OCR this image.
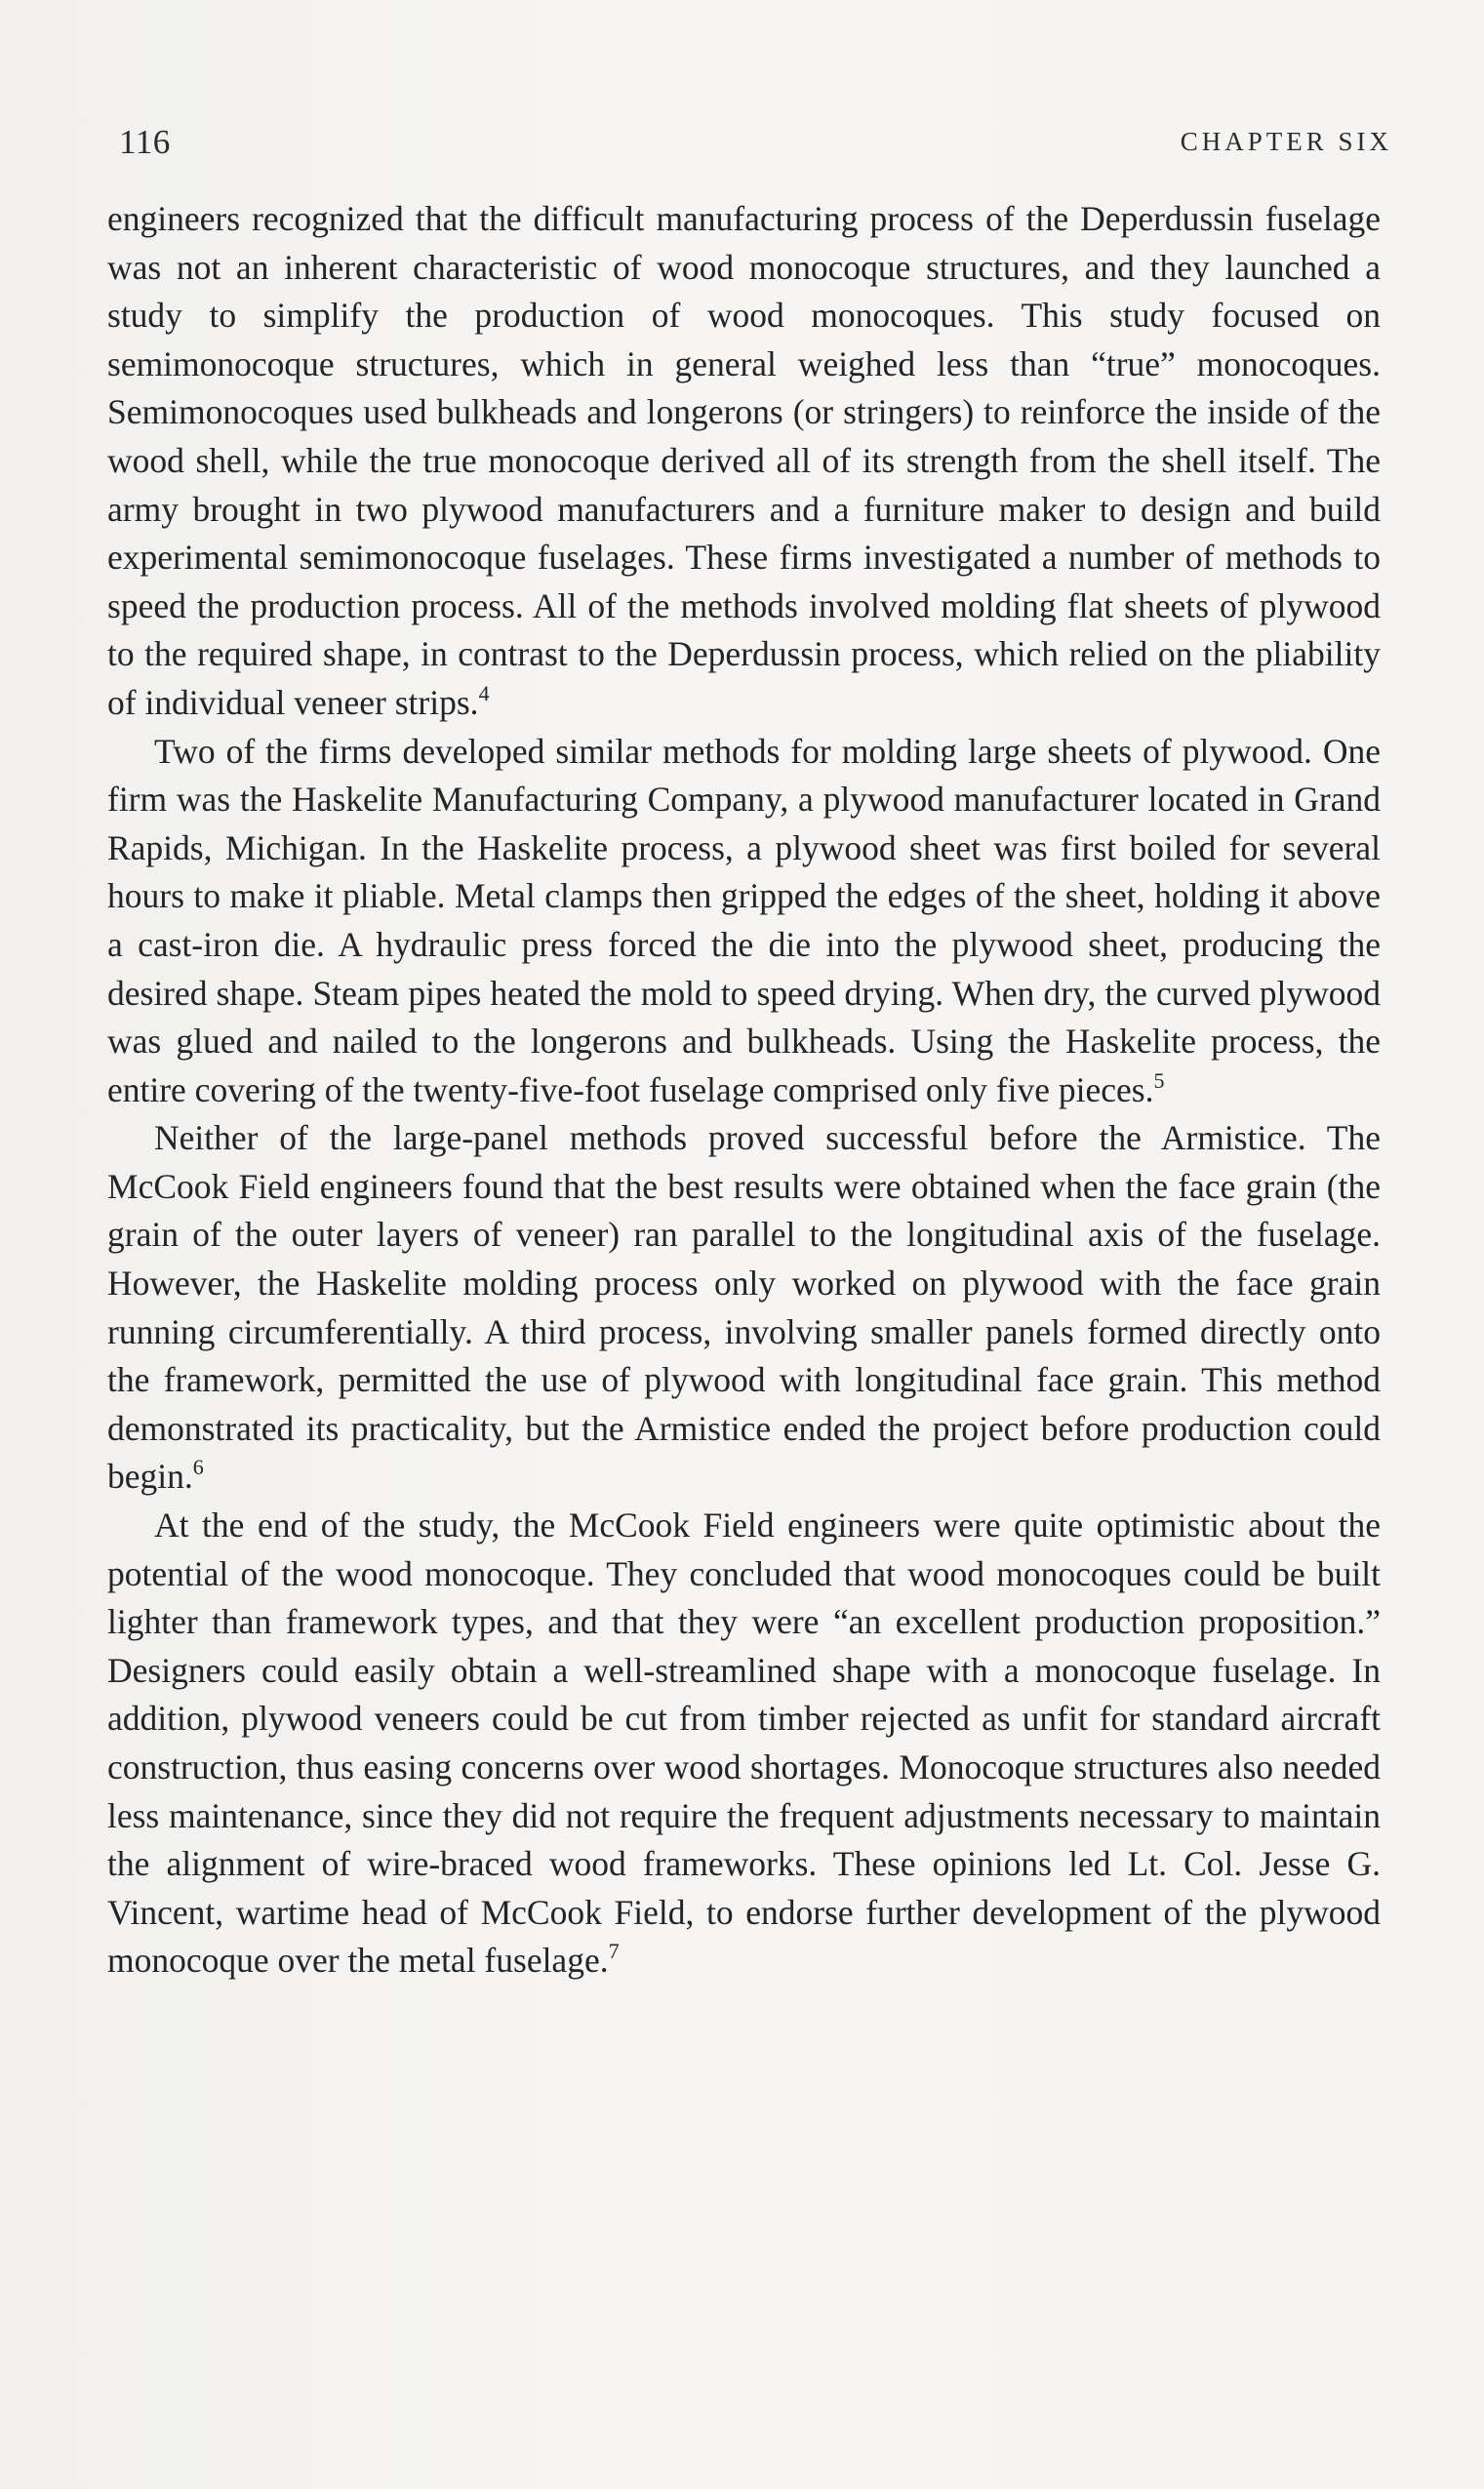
116	CHAPTER SIX

engineers recognized that the difficult manufacturing process of the Deperdussin fuselage was not an inherent characteristic of wood monocoque structures, and they launched a study to simplify the production of wood monocoques. This study focused on semimonocoque structures, which in general weighed less than “true” monocoques. Semimonocoques used bulkheads and longerons (or stringers) to reinforce the inside of the wood shell, while the true monocoque derived all of its strength from the shell itself. The army brought in two plywood manufacturers and a furniture maker to design and build experimental semimonocoque fuselages. These firms investigated a number of methods to speed the production process. All of the methods involved molding flat sheets of plywood to the required shape, in contrast to the Deperdussin process, which relied on the pliability of individual veneer strips.$^4$

Two of the firms developed similar methods for molding large sheets of plywood. One firm was the Haskelite Manufacturing Company, a plywood manufacturer located in Grand Rapids, Michigan. In the Haskelite process, a plywood sheet was first boiled for several hours to make it pliable. Metal clamps then gripped the edges of the sheet, holding it above a cast-iron die. A hydraulic press forced the die into the plywood sheet, producing the desired shape. Steam pipes heated the mold to speed drying. When dry, the curved plywood was glued and nailed to the longerons and bulkheads. Using the Haskelite process, the entire covering of the twenty-five-foot fuselage comprised only five pieces.$^5$

Neither of the large-panel methods proved successful before the Armistice. The McCook Field engineers found that the best results were obtained when the face grain (the grain of the outer layers of veneer) ran parallel to the longitudinal axis of the fuselage. However, the Haskelite molding process only worked on plywood with the face grain running circumferentially. A third process, involving smaller panels formed directly onto the framework, permitted the use of plywood with longitudinal face grain. This method demonstrated its practicality, but the Armistice ended the project before production could begin.$^6$

At the end of the study, the McCook Field engineers were quite optimistic about the potential of the wood monocoque. They concluded that wood monocoques could be built lighter than framework types, and that they were “an excellent production proposition.” Designers could easily obtain a well-streamlined shape with a monocoque fuselage. In addition, plywood veneers could be cut from timber rejected as unfit for standard aircraft construction, thus easing concerns over wood shortages. Monocoque structures also needed less maintenance, since they did not require the frequent adjustments necessary to maintain the alignment of wire-braced wood frameworks. These opinions led Lt. Col. Jesse G. Vincent, wartime head of McCook Field, to endorse further development of the plywood monocoque over the metal fuselage.$^7$
